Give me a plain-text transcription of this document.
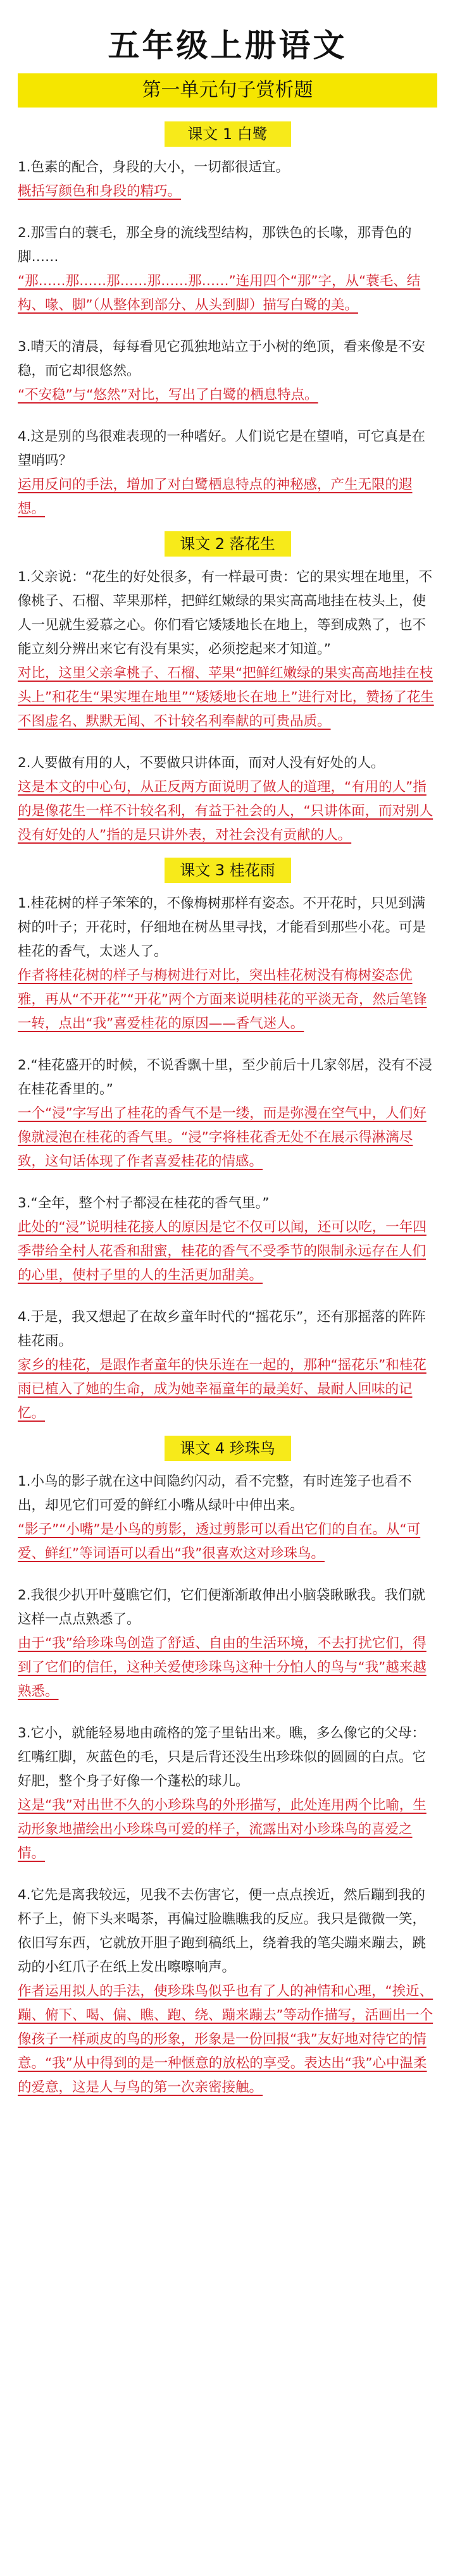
五年级上册语文
第一单元句子赏析题
课文 1 白鹭
1.色素的配合，身段的大小，一切都很适宜。
概括写颜色和身段的精巧。
2.那雪白的蓑毛，那全身的流线型结构，那铁色的长喙，那青色的脚……
“那……那……那……那……那……”连用四个“那”字，从“蓑毛、结构、喙、脚”（从整体到部分、从头到脚）描写白鹭的美。
3.晴天的清晨，每每看见它孤独地站立于小树的绝顶，看来像是不安稳，而它却很悠然。
“不安稳”与“悠然”对比，写出了白鹭的栖息特点。
4.这是别的鸟很难表现的一种嗜好。人们说它是在望哨，可它真是在望哨吗？
运用反问的手法，增加了对白鹭栖息特点的神秘感，产生无限的遐想。
课文 2 落花生
1.父亲说：“花生的好处很多，有一样最可贵：它的果实埋在地里，不像桃子、石榴、苹果那样，把鲜红嫩绿的果实高高地挂在枝头上，使人一见就生爱慕之心。你们看它矮矮地长在地上，等到成熟了，也不能立刻分辨出来它有没有果实，必须挖起来才知道。”
对比，这里父亲拿桃子、石榴、苹果“把鲜红嫩绿的果实高高地挂在枝头上”和花生“果实埋在地里”“矮矮地长在地上”进行对比，赞扬了花生不图虚名、默默无闻、不计较名利奉献的可贵品质。
2.人要做有用的人，不要做只讲体面，而对人没有好处的人。
这是本文的中心句，从正反两方面说明了做人的道理，“有用的人”指的是像花生一样不计较名利，有益于社会的人，“只讲体面，而对别人没有好处的人”指的是只讲外表，对社会没有贡献的人。
课文 3 桂花雨
1.桂花树的样子笨笨的，不像梅树那样有姿态。不开花时，只见到满树的叶子；开花时，仔细地在树丛里寻找，才能看到那些小花。可是桂花的香气，太迷人了。
作者将桂花树的样子与梅树进行对比，突出桂花树没有梅树姿态优雅，再从“不开花”“开花”两个方面来说明桂花的平淡无奇，然后笔锋一转，点出“我”喜爱桂花的原因——香气迷人。
2.“桂花盛开的时候，不说香飘十里，至少前后十几家邻居，没有不浸在桂花香里的。”
一个“浸”字写出了桂花的香气不是一缕，而是弥漫在空气中，人们好像就浸泡在桂花的香气里。“浸”字将桂花香无处不在展示得淋漓尽致，这句话体现了作者喜爱桂花的情感。
3.“全年，整个村子都浸在桂花的香气里。”
此处的“浸”说明桂花接人的原因是它不仅可以闻，还可以吃，一年四季带给全村人花香和甜蜜，桂花的香气不受季节的限制永远存在人们的心里，使村子里的人的生活更加甜美。
4.于是，我又想起了在故乡童年时代的“摇花乐”，还有那摇落的阵阵桂花雨。
家乡的桂花，是跟作者童年的快乐连在一起的，那种“摇花乐”和桂花雨已植入了她的生命，成为她幸福童年的最美好、最耐人回味的记忆。
课文 4 珍珠鸟
1.小鸟的影子就在这中间隐约闪动，看不完整，有时连笼子也看不出，却见它们可爱的鲜红小嘴从绿叶中伸出来。
“影子”“小嘴”是小鸟的剪影，透过剪影可以看出它们的自在。从“可爱、鲜红”等词语可以看出“我”很喜欢这对珍珠鸟。
2.我很少扒开叶蔓瞧它们，它们便渐渐敢伸出小脑袋瞅瞅我。我们就这样一点点熟悉了。
由于“我”给珍珠鸟创造了舒适、自由的生活环境，不去打扰它们，得到了它们的信任，这种关爱使珍珠鸟这种十分怕人的鸟与“我”越来越熟悉。
3.它小，就能轻易地由疏格的笼子里钻出来。瞧，多么像它的父母：红嘴红脚，灰蓝色的毛，只是后背还没生出珍珠似的圆圆的白点。它好肥，整个身子好像一个蓬松的球儿。
这是“我”对出世不久的小珍珠鸟的外形描写，此处连用两个比喻，生动形象地描绘出小珍珠鸟可爱的样子，流露出对小珍珠鸟的喜爱之情。
4.它先是离我较远，见我不去伤害它，便一点点挨近，然后蹦到我的杯子上，俯下头来喝茶，再偏过脸瞧瞧我的反应。我只是微微一笑，依旧写东西，它就放开胆子跑到稿纸上，绕着我的笔尖蹦来蹦去，跳动的小红爪子在纸上发出嚓嚓响声。
作者运用拟人的手法，使珍珠鸟似乎也有了人的神情和心理，“挨近、蹦、俯下、喝、偏、瞧、跑、绕、蹦来蹦去”等动作描写，活画出一个像孩子一样顽皮的鸟的形象，形象是一份回报“我”友好地对待它的情意。“我”从中得到的是一种惬意的放松的享受。表达出“我”心中温柔的爱意，这是人与鸟的第一次亲密接触。
